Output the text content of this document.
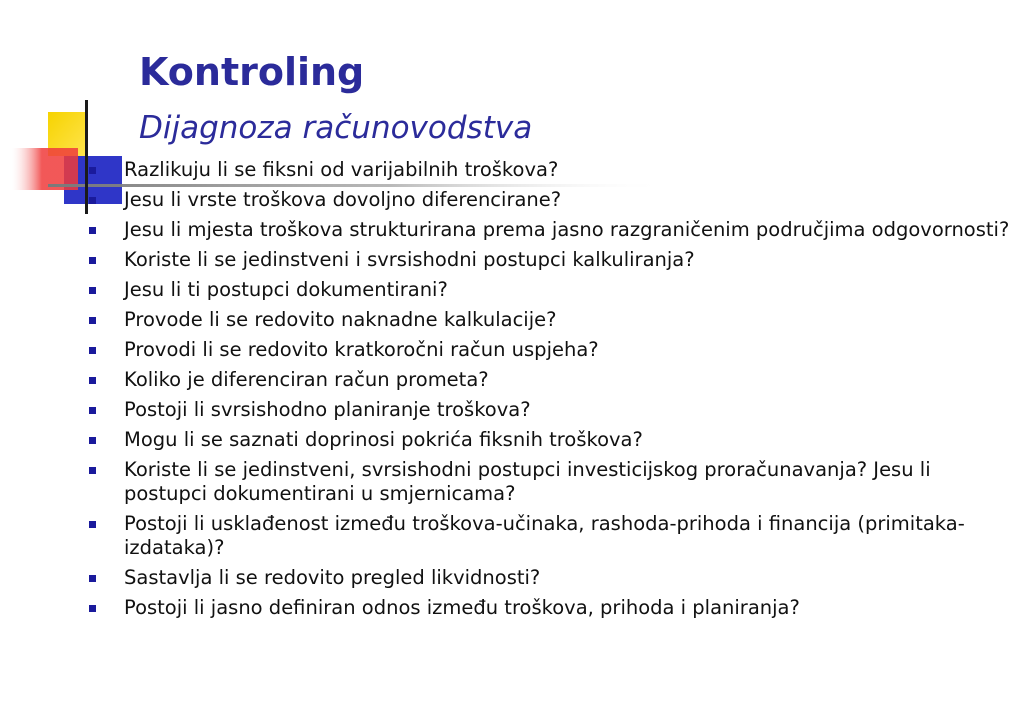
Kontroling
Dijagnoza računovodstva
Razlikuju li se fiksni od varijabilnih troškova?
Jesu li vrste troškova dovoljno diferencirane?
Jesu li mjesta troškova strukturirana prema jasno razgraničenim područjima odgovornosti?
Koriste li se jedinstveni i svrsishodni postupci kalkuliranja?
Jesu li ti postupci dokumentirani?
Provode li se redovito naknadne kalkulacije?
Provodi li se redovito kratkoročni račun uspjeha?
Koliko je diferenciran račun prometa?
Postoji li svrsishodno planiranje troškova?
Mogu li se saznati doprinosi pokrića fiksnih troškova?
Koriste li se jedinstveni, svrsishodni postupci investicijskog proračunavanja? Jesu li postupci dokumentirani u smjernicama?
Postoji li usklađenost između troškova-učinaka, rashoda-prihoda i financija (primitaka-izdataka)?
Sastavlja li se redovito pregled likvidnosti?
Postoji li jasno definiran odnos između troškova, prihoda i planiranja?
